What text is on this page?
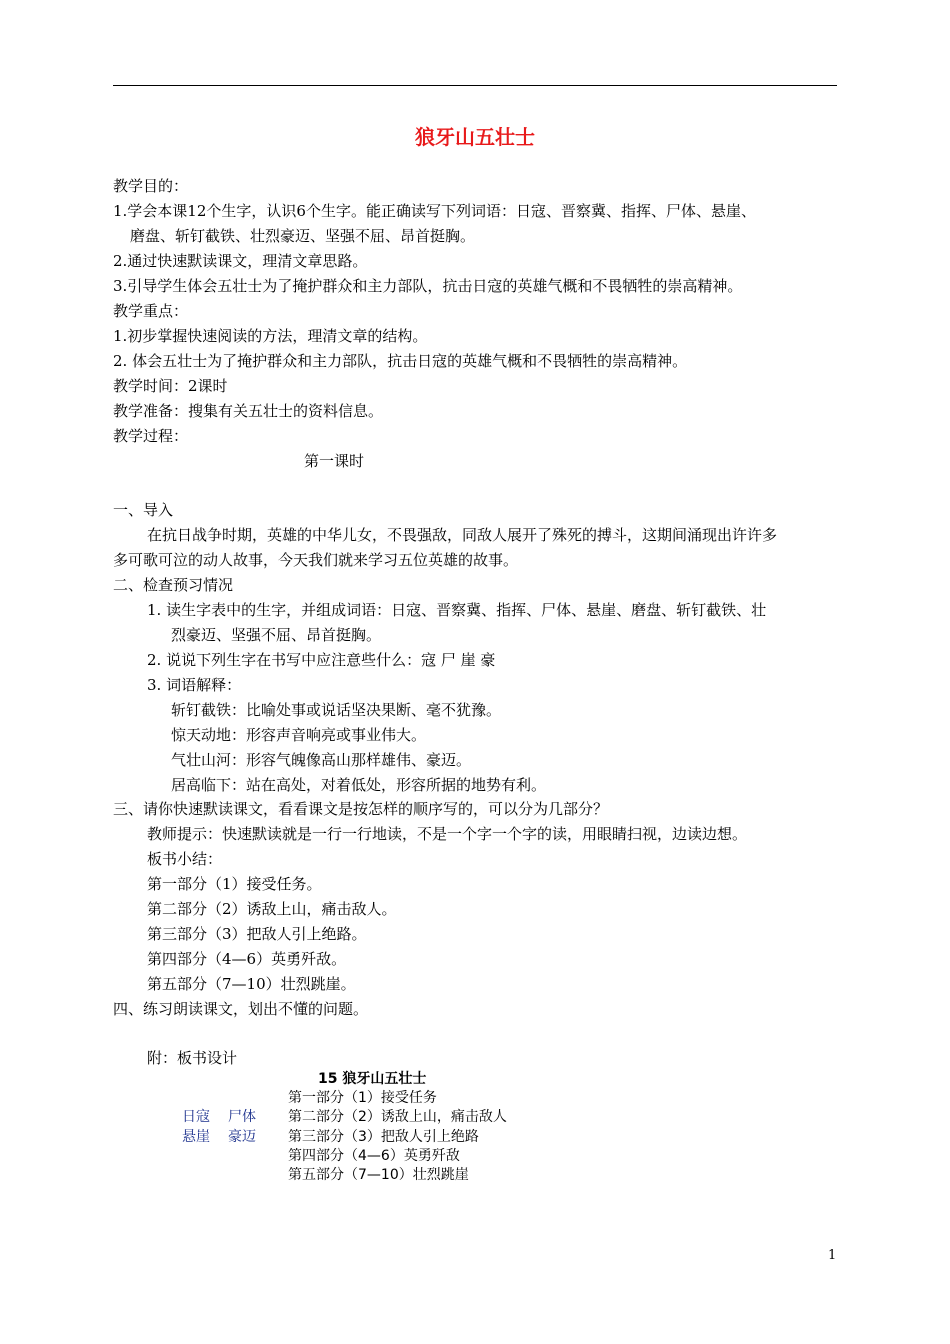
狼牙山五壮士
教学目的：
1.学会本课12个生字，认识6个生字。能正确读写下列词语：日寇、晋察冀、指挥、尸体、悬崖、
磨盘、斩钉截铁、壮烈豪迈、坚强不屈、昂首挺胸。
2.通过快速默读课文，理清文章思路。
3.引导学生体会五壮士为了掩护群众和主力部队，抗击日寇的英雄气概和不畏牺牲的崇高精神。
教学重点：
1.初步掌握快速阅读的方法，理清文章的结构。
2. 体会五壮士为了掩护群众和主力部队，抗击日寇的英雄气概和不畏牺牲的崇高精神。
教学时间：2课时
教学准备：搜集有关五壮士的资料信息。
教学过程：
第一课时
一、导入
在抗日战争时期，英雄的中华儿女，不畏强敌，同敌人展开了殊死的搏斗，这期间涌现出许许多
多可歌可泣的动人故事，今天我们就来学习五位英雄的故事。
二、检查预习情况
1. 读生字表中的生字，并组成词语：日寇、晋察冀、指挥、尸体、悬崖、磨盘、斩钉截铁、壮
烈豪迈、坚强不屈、昂首挺胸。
2. 说说下列生字在书写中应注意些什么：寇 尸 崖 豪
3. 词语解释：
斩钉截铁：比喻处事或说话坚决果断、毫不犹豫。
惊天动地：形容声音响亮或事业伟大。
气壮山河：形容气魄像高山那样雄伟、豪迈。
居高临下：站在高处，对着低处，形容所据的地势有利。
三、请你快速默读课文，看看课文是按怎样的顺序写的，可以分为几部分？
教师提示：快速默读就是一行一行地读，不是一个字一个字的读，用眼睛扫视，边读边想。
板书小结：
第一部分（1）接受任务。
第二部分（2）诱敌上山，痛击敌人。
第三部分（3）把敌人引上绝路。
第四部分（4—6）英勇歼敌。
第五部分（7—10）壮烈跳崖。
四、练习朗读课文，划出不懂的问题。
附：板书设计
15 狼牙山五壮士
第一部分（1）接受任务
第二部分（2）诱敌上山，痛击敌人
第三部分（3）把敌人引上绝路
第四部分（4—6）英勇歼敌
第五部分（7—10）壮烈跳崖
日寇 尸体
悬崖 豪迈
1
